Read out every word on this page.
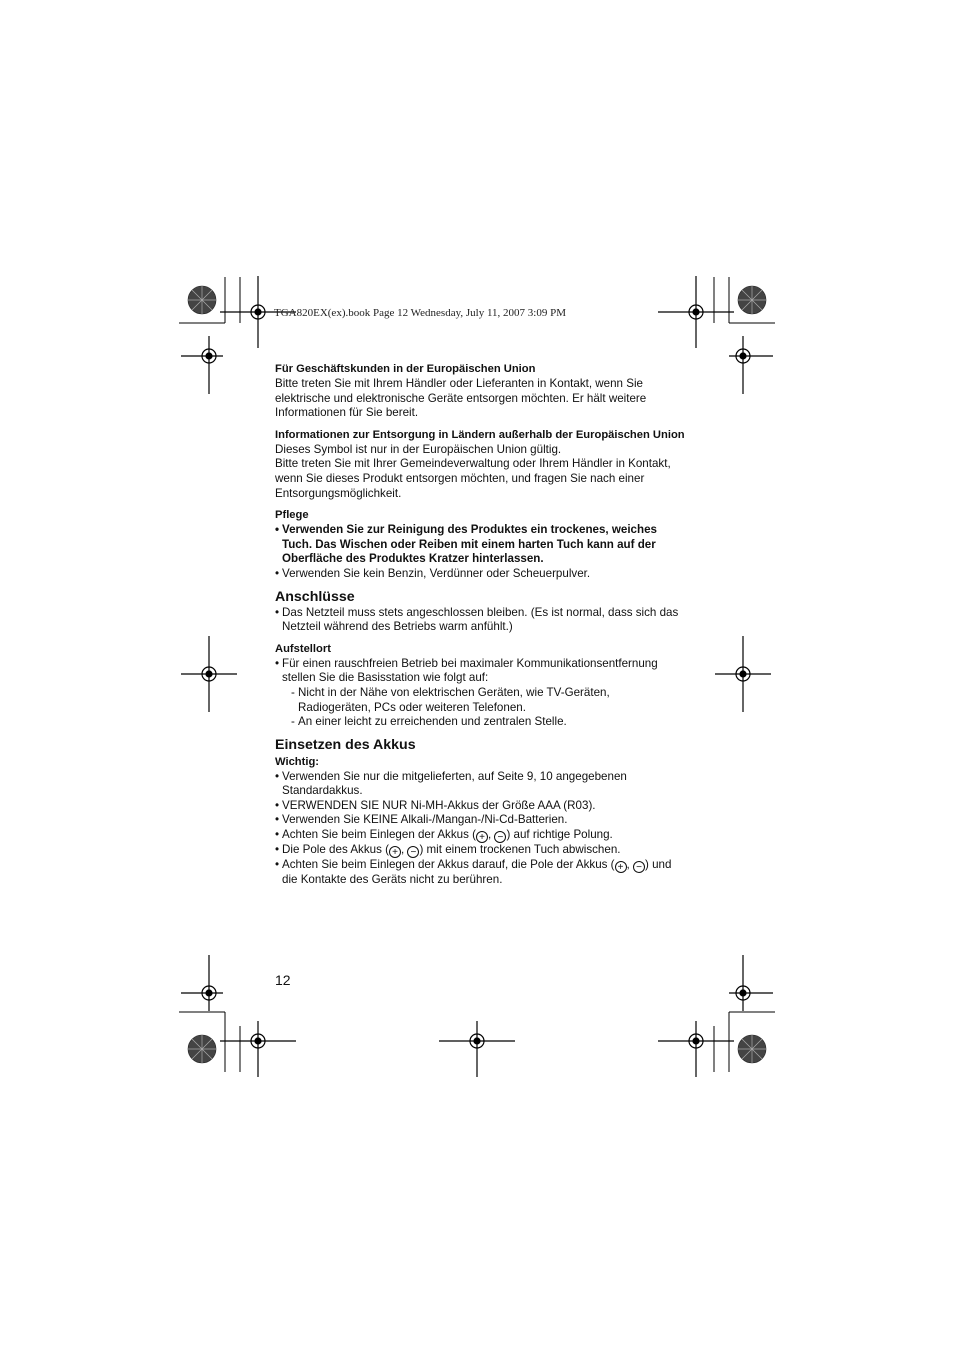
TGA820EX(ex).book Page 12 Wednesday, July 11, 2007 3:09 PM

Für Geschäftskunden in der Europäischen Union

Bitte treten Sie mit Ihrem Händler oder Lieferanten in Kontakt, wenn Sie elektrische und elektronische Geräte entsorgen möchten. Er hält weitere Informationen für Sie bereit.

Informationen zur Entsorgung in Ländern außerhalb der Europäischen Union

Dieses Symbol ist nur in der Europäischen Union gültig.

Bitte treten Sie mit Ihrer Gemeindeverwaltung oder Ihrem Händler in Kontakt, wenn Sie dieses Produkt entsorgen möchten, und fragen Sie nach einer Entsorgungsmöglichkeit.

Pflege

• Verwenden Sie zur Reinigung des Produktes ein trockenes, weiches Tuch. Das Wischen oder Reiben mit einem harten Tuch kann auf der Oberfläche des Produktes Kratzer hinterlassen.
• Verwenden Sie kein Benzin, Verdünner oder Scheuerpulver.

Anschlüsse

• Das Netzteil muss stets angeschlossen bleiben. (Es ist normal, dass sich das Netzteil während des Betriebs warm anfühlt.)

Aufstellort

• Für einen rauschfreien Betrieb bei maximaler Kommunikationsentfernung stellen Sie die Basisstation wie folgt auf:
- Nicht in der Nähe von elektrischen Geräten, wie TV-Geräten, Radiogeräten, PCs oder weiteren Telefonen.
- An einer leicht zu erreichenden und zentralen Stelle.

Einsetzen des Akkus

Wichtig:

• Verwenden Sie nur die mitgelieferten, auf Seite 9, 10 angegebenen Standardakkus.
• VERWENDEN SIE NUR Ni-MH-Akkus der Größe AAA (R03).
• Verwenden Sie KEINE Alkali-/Mangan-/Ni-Cd-Batterien.
• Achten Sie beim Einlegen der Akkus ( + , − ) auf richtige Polung.
• Die Pole des Akkus ( + , − ) mit einem trockenen Tuch abwischen.
• Achten Sie beim Einlegen der Akkus darauf, die Pole der Akkus ( + , − ) und die Kontakte des Geräts nicht zu berühren.
12
